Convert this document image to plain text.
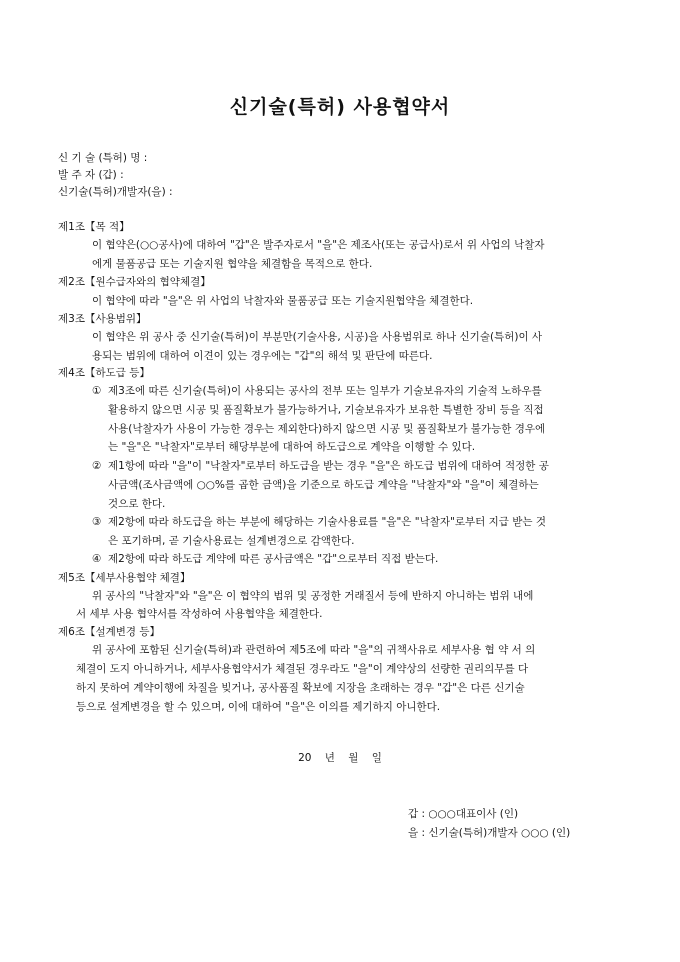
신기술(특허) 사용협약서
신 기 술 (특허) 명 :
발 주 자 (갑) :
신기술(특허)개발자(을) :
제1조【목 적】
이 협약은(○○공사)에 대하여 "갑"은 발주자로서 "을"은 제조사(또는 공급사)로서 위 사업의 낙찰자
에게 물품공급 또는 기술지원 협약을 체결함을 목적으로 한다.
제2조【원수급자와의 협약체결】
이 협약에 따라 "을"은 위 사업의 낙찰자와 물품공급 또는 기술지원협약을 체결한다.
제3조【사용범위】
이 협약은 위 공사 중 신기술(특허)이 부분만(기술사용, 시공)을 사용범위로 하나 신기술(특허)이 사
용되는 범위에 대하여 이견이 있는 경우에는 "갑"의 해석 및 판단에 따른다.
제4조【하도급 등】
① 제3조에 따른 신기술(특허)이 사용되는 공사의 전부 또는 일부가 기술보유자의 기술적 노하우를
활용하지 않으면 시공 및 품질확보가 불가능하거나, 기술보유자가 보유한 특별한 장비 등을 직접
사용(낙찰자가 사용이 가능한 경우는 제외한다)하지 않으면 시공 및 품질확보가 불가능한 경우에
는 "을"은 "낙찰자"로부터 해당부분에 대하여 하도급으로 계약을 이행할 수 있다.
② 제1항에 따라 "을"이 "낙찰자"로부터 하도급을 받는 경우 "을"은 하도급 범위에 대하여 적정한 공
사금액(조사금액에 ○○%를 곱한 금액)을 기준으로 하도급 계약을 "낙찰자"와 "을"이 체결하는
것으로 한다.
③ 제2항에 따라 하도급을 하는 부분에 해당하는 기술사용료를 "을"은 "낙찰자"로부터 지급 받는 것
은 포기하며, 곧 기술사용료는 설계변경으로 감액한다.
④ 제2항에 따라 하도급 계약에 따른 공사금액은 "갑"으로부터 직접 받는다.
제5조【세부사용협약 체결】
위 공사의 "낙찰자"와 "을"은 이 협약의 범위 및 공정한 거래질서 등에 반하지 아니하는 범위 내에
서 세부 사용 협약서를 작성하여 사용협약을 체결한다.
제6조【설계변경 등】
위 공사에 포함된 신기술(특허)과 관련하여 제5조에 따라 "을"의 귀책사유로 세부사용 협 약 서 의
체결이 도지 아니하거나, 세부사용협약서가 체결된 경우라도 "을"이 계약상의 선량한 권리의무를 다
하지 못하여 계약이행에 차질을 빚거나, 공사품질 확보에 지장을 초래하는 경우 "갑"은 다른 신기술
등으로 설계변경을 할 수 있으며, 이에 대하여 "을"은 이의를 제기하지 아니한다.
20 년 월 일
갑 : ○○○대표이사 (인)
을 : 신기술(특허)개발자 ○○○ (인)
